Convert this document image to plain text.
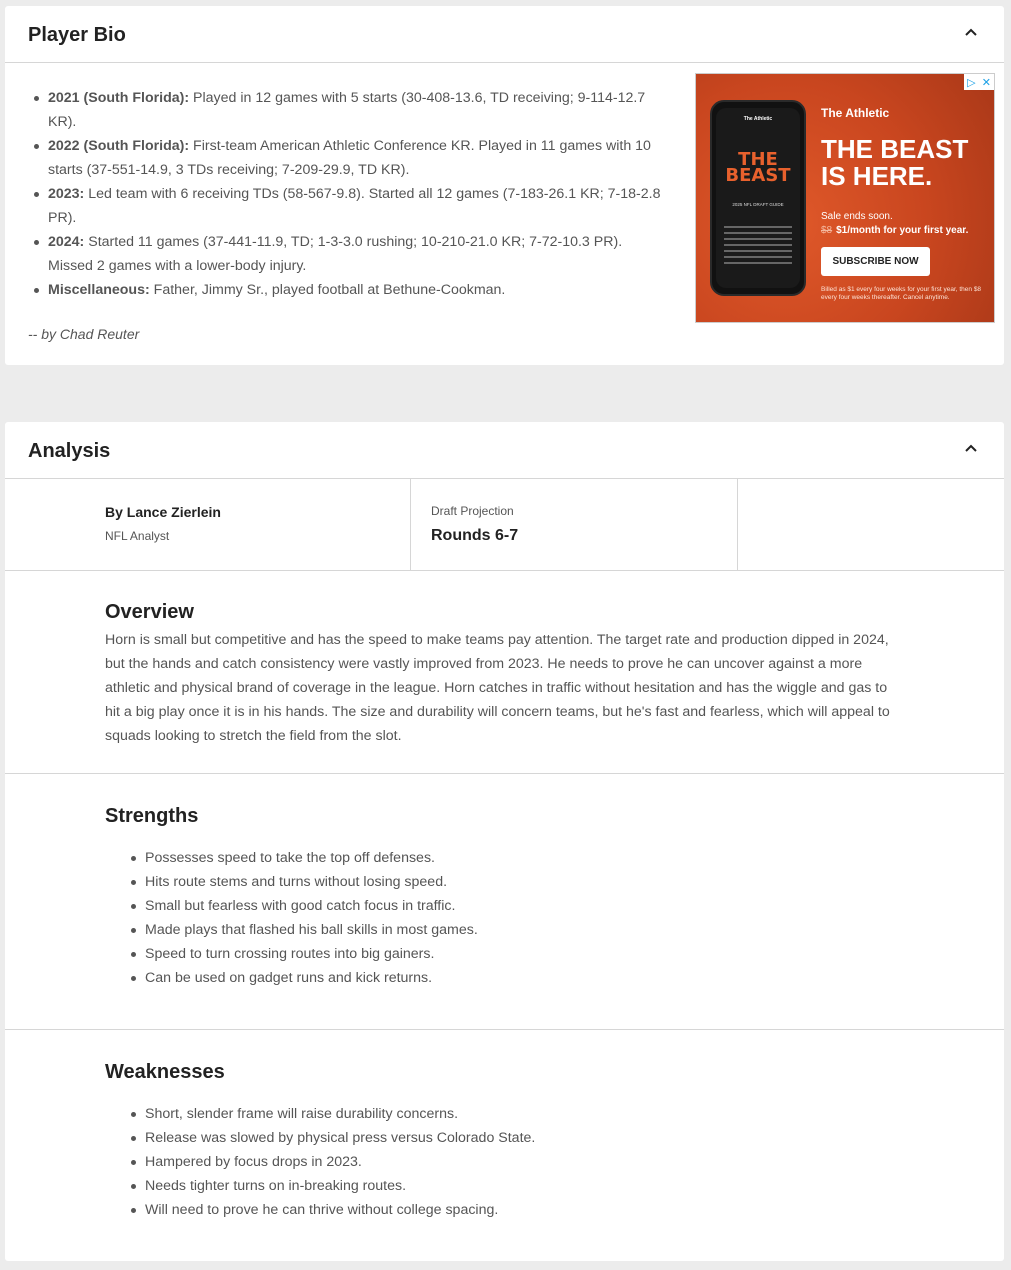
Player Bio
2021 (South Florida): Played in 12 games with 5 starts (30-408-13.6, TD receiving; 9-114-12.7 KR).
2022 (South Florida): First-team American Athletic Conference KR. Played in 11 games with 10 starts (37-551-14.9, 3 TDs receiving; 7-209-29.9, TD KR).
2023: Led team with 6 receiving TDs (58-567-9.8). Started all 12 games (7-183-26.1 KR; 7-18-2.8 PR).
2024: Started 11 games (37-441-11.9, TD; 1-3-3.0 rushing; 10-210-21.0 KR; 7-72-10.3 PR). Missed 2 games with a lower-body injury.
Miscellaneous: Father, Jimmy Sr., played football at Bethune-Cookman.
-- by Chad Reuter
▷ ✕
The Athletic
THE BEAST
2025 NFL DRAFT GUIDE
The Athletic
THE BEAST IS HERE.
Sale ends soon.
$8 $1/month for your first year.
SUBSCRIBE NOW
Billed as $1 every four weeks for your first year, then $8 every four weeks thereafter. Cancel anytime.
Analysis
By Lance Zierlein
NFL Analyst
Draft Projection
Rounds 6-7
Overview

Horn is small but competitive and has the speed to make teams pay attention. The target rate and production dipped in 2024, but the hands and catch consistency were vastly improved from 2023. He needs to prove he can uncover against a more athletic and physical brand of coverage in the league. Horn catches in traffic without hesitation and has the wiggle and gas to hit a big play once it is in his hands. The size and durability will concern teams, but he's fast and fearless, which will appeal to squads looking to stretch the field from the slot.

Strengths
Possesses speed to take the top off defenses.
Hits route stems and turns without losing speed.
Small but fearless with good catch focus in traffic.
Made plays that flashed his ball skills in most games.
Speed to turn crossing routes into big gainers.
Can be used on gadget runs and kick returns.
Weaknesses
Short, slender frame will raise durability concerns.
Release was slowed by physical press versus Colorado State.
Hampered by focus drops in 2023.
Needs tighter turns on in-breaking routes.
Will need to prove he can thrive without college spacing.
